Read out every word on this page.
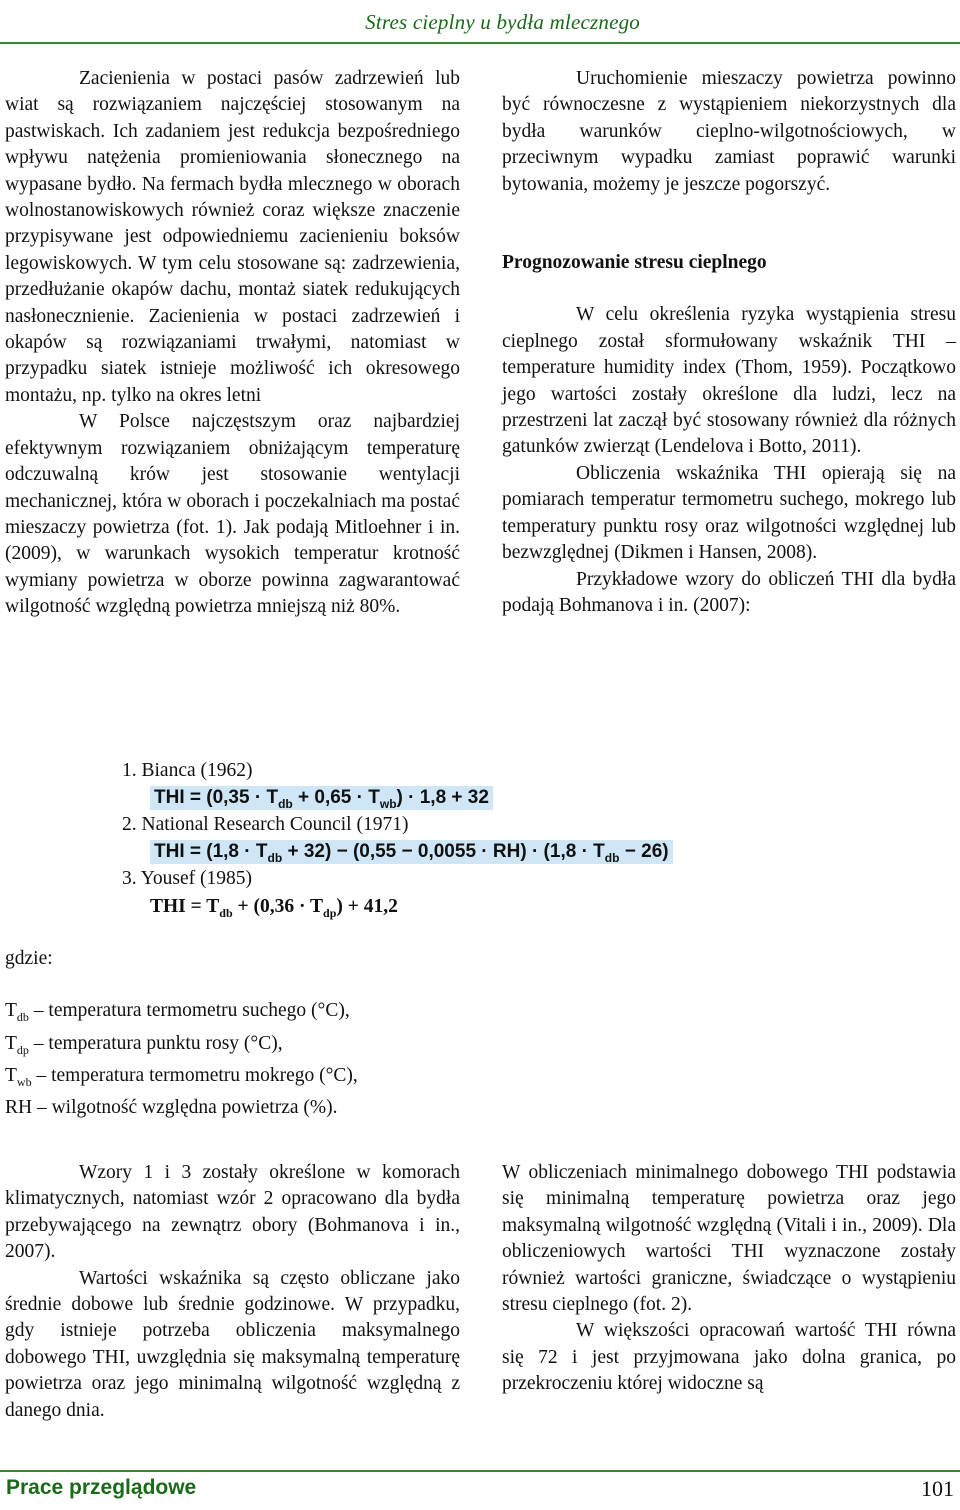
Stres cieplny u bydła mlecznego

Zacienienia w postaci pasów zadrzewień lub wiat są rozwiązaniem najczęściej stosowanym na pastwiskach. Ich zadaniem jest redukcja bezpośredniego wpływu natężenia promieniowania słonecznego na wypasane bydło. Na fermach bydła mlecznego w oborach wolnostanowiskowych również coraz większe znaczenie przypisywane jest odpowiedniemu zacienieniu boksów legowiskowych. W tym celu stosowane są: zadrzewienia, przedłużanie okapów dachu, montaż siatek redukujących nasłonecznienie. Zacienienia w postaci zadrzewień i okapów są rozwiązaniami trwałymi, natomiast w przypadku siatek istnieje możliwość ich okresowego montażu, np. tylko na okres letni

W Polsce najczęstszym oraz najbardziej efektywnym rozwiązaniem obniżającym temperaturę odczuwalną krów jest stosowanie wentylacji mechanicznej, która w oborach i poczekalniach ma postać mieszaczy powietrza (fot. 1). Jak podają Mitloehner i in. (2009), w warunkach wysokich temperatur krotność wymiany powietrza w oborze powinna zagwarantować wilgotność względną powietrza mniejszą niż 80%.

Uruchomienie mieszaczy powietrza powinno być równoczesne z wystąpieniem niekorzystnych dla bydła warunków cieplno-wilgotnościowych, w przeciwnym wypadku zamiast poprawić warunki bytowania, możemy je jeszcze pogorszyć.

Prognozowanie stresu cieplnego

W celu określenia ryzyka wystąpienia stresu cieplnego został sformułowany wskaźnik THI – temperature humidity index (Thom, 1959). Początkowo jego wartości zostały określone dla ludzi, lecz na przestrzeni lat zaczął być stosowany również dla różnych gatunków zwierząt (Lendelova i Botto, 2011).

Obliczenia wskaźnika THI opierają się na pomiarach temperatur termometru suchego, mokrego lub temperatury punktu rosy oraz wilgotności względnej lub bezwzględnej (Dikmen i Hansen, 2008).

Przykładowe wzory do obliczeń THI dla bydła podają Bohmanova i in. (2007):

1. Bianca (1962)
THI = $(0,35 \cdot T_{db} + 0,65 \cdot T_{wb}) \cdot 1,8 + 32$
2. National Research Council (1971)
THI = $(1,8 \cdot T_{db} + 32) - (0,55 - 0,0055 \cdot RH) \cdot (1,8 \cdot T_{db} - 26)$
3. Yousef (1985)
THI = $T_{db} + (0,36 \cdot T_{dp}) + 41,2$

gdzie:

$T_{db}$ – temperatura termometru suchego (°C),

$T_{dp}$ – temperatura punktu rosy (°C),

$T_{wb}$ – temperatura termometru mokrego (°C),

RH – wilgotność względna powietrza (%).

Wzory 1 i 3 zostały określone w komorach klimatycznych, natomiast wzór 2 opracowano dla bydła przebywającego na zewnątrz obory (Bohmanova i in., 2007).

Wartości wskaźnika są często obliczane jako średnie dobowe lub średnie godzinowe. W przypadku, gdy istnieje potrzeba obliczenia maksymalnego dobowego THI, uwzględnia się maksymalną temperaturę powietrza oraz jego minimalną wilgotność względną z danego dnia.

W obliczeniach minimalnego dobowego THI podstawia się minimalną temperaturę powietrza oraz jego maksymalną wilgotność względną (Vitali i in., 2009). Dla obliczeniowych wartości THI wyznaczone zostały również wartości graniczne, świadczące o wystąpieniu stresu cieplnego (fot. 2).

W większości opracowań wartość THI równa się 72 i jest przyjmowana jako dolna granica, po przekroczeniu której widoczne są

Prace przeglądowe	101
